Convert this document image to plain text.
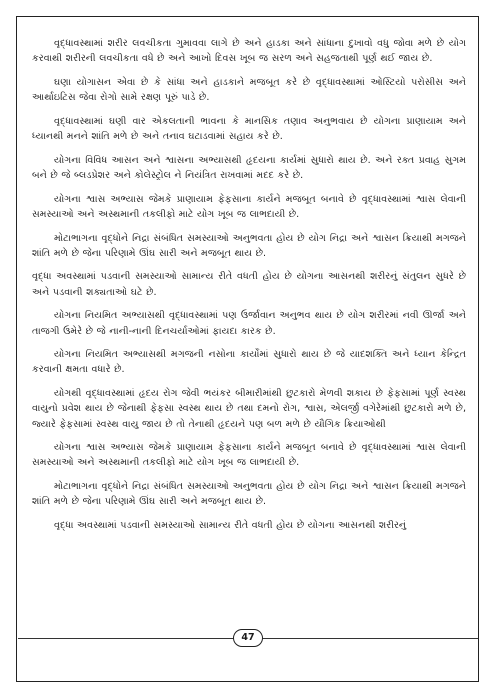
વૃદ્ધાવસ્થામાં શરીર લવચીકતા ગુમાવવા લાગે છે અને હાડકા અને સાંધાના દુખાવો વધુ જોવા મળે છે યોગ કરવાથી શરીરની લવચીકતા વધે છે અને આખો દિવસ ખૂબ જ સરળ અને સહજતાથી પૂર્ણ થઈ જાય છે.

ઘણા યોગાસન એવા છે કે સાંધા અને હાડકાને મજબૂત કરે છે વૃદ્ધાવસ્થામાં ઓસ્ટિયો પરોસીસ અને આર્થાઇટિસ જેવા રોગો સામે રક્ષણ પૂરું પાડે છે.

વૃદ્ધાવસ્થામાં ઘણી વાર એકલતાની ભાવના કે માનસિક તણાવ અનુભવાય છે યોગના પ્રાણાયામ અને ધ્યાનથી મનને શાંતિ મળે છે અને તનાવ ઘટાડવામાં સહાય કરે છે.

યોગના વિવિધ આસન અને શ્વાસના અભ્યાસથી હૃદયના કાર્યમાં સુધારો થાય છે. અને રક્ત પ્રવાહ સુગમ બને છે જે બ્લડપ્રેશર અને કોલેસ્ટ્રોલ ને નિયંત્રિત રાખવામાં મદદ કરે છે.

યોગના શ્વાસ અભ્યાસ જેમકે પ્રાણાયામ ફેફસાના કાર્યને મજબૂત બનાવે છે વૃદ્ધાવસ્થામાં શ્વાસ લેવાની સમસ્યાઓ અને અસ્થમાની તકલીફો માટે યોગ ખૂબ જ લાભદાયી છે.

મોટાભાગના વૃદ્ધોને નિદ્રા સંબંધિત સમસ્યાઓ અનુભવતા હોય છે યોગ નિદ્રા અને શ્વાસન ક્રિયાથી મગજને શાંતિ મળે છે જેના પરિણામે ઊંઘ સારી અને મજબૂત થાય છે.

વૃદ્ધા અવસ્થામાં પડવાની સમસ્યાઓ સામાન્ય રીતે વધતી હોય છે યોગના આસનથી શરીરનું સંતુલન સુધરે છે અને પડવાની શક્યતાઓ ઘટે છે.

યોગના નિયમિત અભ્યાસથી વૃદ્ધાવસ્થામાં પણ ઉર્જાવાન અનુભવ થાય છે યોગ શરીરમાં નવી ઊર્જા અને તાજગી ઉમેરે છે જે નાની-નાની દિનચર્યાઓમાં ફાયદા કારક છે.

યોગના નિયમિત અભ્યાસથી મગજની નસોના કાર્યોમાં સુધારો થાય છે જે યાદશક્તિ અને ધ્યાન કેન્દ્રિત કરવાની ક્ષમતા વધારે છે.

યોગથી વૃદ્ધાવસ્થામાં હૃદય રોગ જેવી ભયંકર બીમારીમાંથી છુટકારો મેળવી શકાય છે ફેફસામાં પૂર્ણ સ્વસ્થ વાયુનો પ્રવેશ થાય છે જેનાથી ફેફસા સ્વસ્થ થાય છે તથા દમનો રોગ, શ્વાસ, એલર્જી વગેરેમાંથી છુટકારો મળે છે, જ્યારે ફેફસામાં સ્વસ્થ વાયુ જાય છે તો તેનાથી હૃદયને પણ બળ મળે છે યૌગિક ક્રિયાઓથી

યોગના શ્વાસ અભ્યાસ જેમકે પ્રાણાયામ ફેફસાના કાર્યને મજબૂત બનાવે છે વૃદ્ધાવસ્થામાં શ્વાસ લેવાની સમસ્યાઓ અને અસ્થમાની તકલીફો માટે યોગ ખૂબ જ લાભદાયી છે.

મોટાભાગના વૃદ્ધોને નિદ્રા સંબંધિત સમસ્યાઓ અનુભવતા હોય છે યોગ નિદ્રા અને શ્વાસન ક્રિયાથી મગજને શાંતિ મળે છે જેના પરિણામે ઊંઘ સારી અને મજબૂત થાય છે.

વૃદ્ધા અવસ્થામાં પડવાની સમસ્યાઓ સામાન્ય રીતે વધતી હોય છે યોગના આસનથી શરીરનું

47
